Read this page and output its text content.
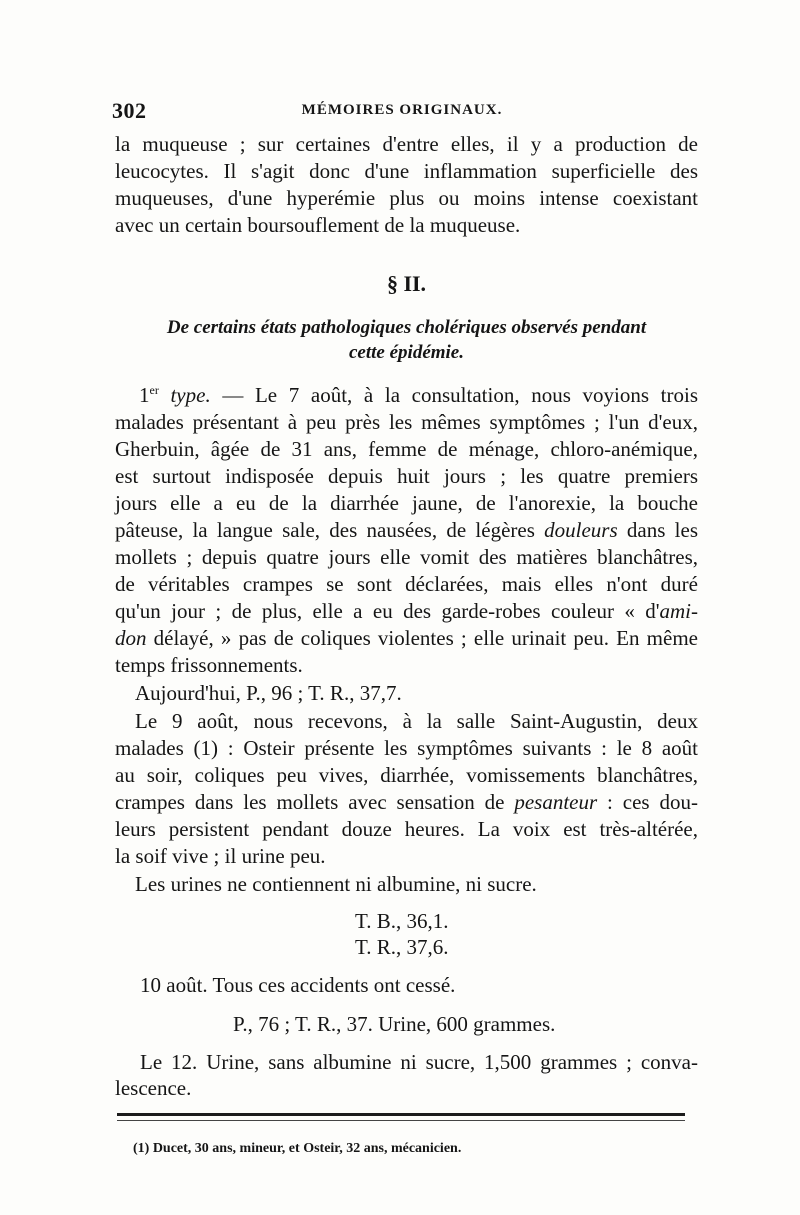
302	MÉMOIRES ORIGINAUX.
la muqueuse ; sur certaines d'entre elles, il y a production de
leucocytes. Il s'agit donc d'une inflammation superficielle des
muqueuses, d'une hyperémie plus ou moins intense coexistant
avec un certain boursouflement de la muqueuse.
§ II.
De certains états pathologiques cholériques observés pendant
cette épidémie.
1er type. — Le 7 août, à la consultation, nous voyions trois
malades présentant à peu près les mêmes symptômes ; l'un d'eux,
Gherbuin, âgée de 31 ans, femme de ménage, chloro-anémique,
est surtout indisposée depuis huit jours ; les quatre premiers
jours elle a eu de la diarrhée jaune, de l'anorexie, la bouche
pâteuse, la langue sale, des nausées, de légères douleurs dans les
mollets ; depuis quatre jours elle vomit des matières blanchâtres,
de véritables crampes se sont déclarées, mais elles n'ont duré
qu'un jour ; de plus, elle a eu des garde-robes couleur « d'ami-
don délayé, » pas de coliques violentes ; elle urinait peu. En même
temps frissonnements.
Aujourd'hui, P., 96 ; T. R., 37,7.
Le 9 août, nous recevons, à la salle Saint-Augustin, deux
malades (1) : Osteir présente les symptômes suivants : le 8 août
au soir, coliques peu vives, diarrhée, vomissements blanchâtres,
crampes dans les mollets avec sensation de pesanteur : ces dou-
leurs persistent pendant douze heures. La voix est très-altérée,
la soif vive ; il urine peu.
Les urines ne contiennent ni albumine, ni sucre.
T. B., 36,1.
T. R., 37,6.
10 août. Tous ces accidents ont cessé.
P., 76 ; T. R., 37. Urine, 600 grammes.
Le 12. Urine, sans albumine ni sucre, 1,500 grammes ; conva-
lescence.
(1) Ducet, 30 ans, mineur, et Osteir, 32 ans, mécanicien.
